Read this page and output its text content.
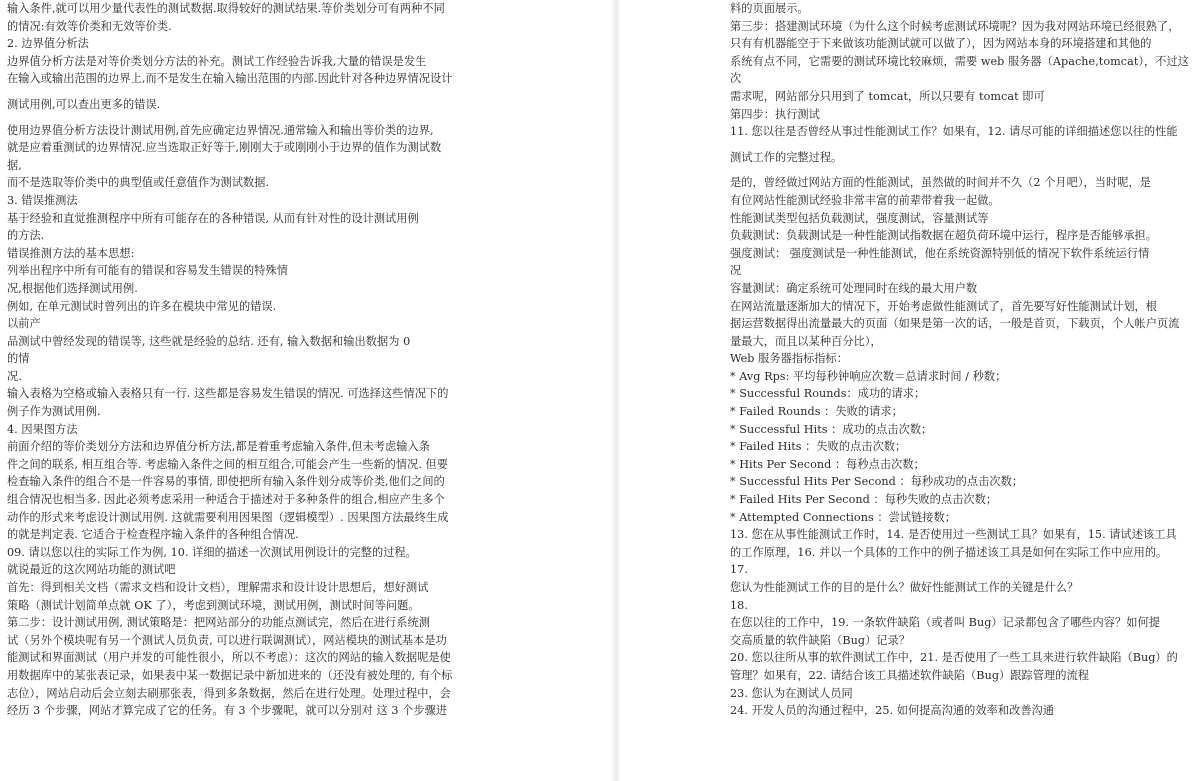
输入条件,就可以用少量代表性的测试数据.取得较好的测试结果.等价类划分可有两种不同
的情况:有效等价类和无效等价类.
2. 边界值分析法
边界值分析方法是对等价类划分方法的补充。测试工作经验告诉我,大量的错误是发生
在输入或输出范围的边界上,而不是发生在输入输出范围的内部.因此针对各种边界情况设计
测试用例,可以查出更多的错误.
使用边界值分析方法设计测试用例,首先应确定边界情况.通常输入和输出等价类的边界,
就是应着重测试的边界情况.应当选取正好等于,刚刚大于或刚刚小于边界的值作为测试数
据,
而不是选取等价类中的典型值或任意值作为测试数据.
3. 错误推测法
基于经验和直觉推测程序中所有可能存在的各种错误, 从而有针对性的设计测试用例
的方法.
错误推测方法的基本思想:
列举出程序中所有可能有的错误和容易发生错误的特殊情
况,根据他们选择测试用例.
例如, 在单元测试时曾列出的许多在模块中常见的错误.
以前产
品测试中曾经发现的错误等, 这些就是经验的总结. 还有, 输入数据和输出数据为 0
的情
况.
输入表格为空格或输入表格只有一行. 这些都是容易发生错误的情况. 可选择这些情况下的
例子作为测试用例.
4. 因果图方法
前面介绍的等价类划分方法和边界值分析方法,都是着重考虑输入条件,但未考虑输入条
件之间的联系, 相互组合等. 考虑输入条件之间的相互组合,可能会产生一些新的情况. 但要
检查输入条件的组合不是一件容易的事情, 即使把所有输入条件划分成等价类,他们之间的
组合情况也相当多. 因此必须考虑采用一种适合于描述对于多种条件的组合,相应产生多个
动作的形式来考虑设计测试用例. 这就需要利用因果图（逻辑模型）. 因果图方法最终生成
的就是判定表. 它适合于检查程序输入条件的各种组合情况.
09. 请以您以往的实际工作为例, 10. 详细的描述一次测试用例设计的完整的过程。
就说最近的这次网站功能的测试吧
首先：得到相关文档（需求文档和设计文档），理解需求和设计设计思想后，想好测试
策略（测试计划简单点就 OK 了），考虑到测试环境，测试用例，测试时间等问题。
第二步：设计测试用例, 测试策略是：把网站部分的功能点测试完，然后在进行系统测
试（另外个模块呢有另一个测试人员负责, 可以进行联调测试），网站模块的测试基本是功
能测试和界面测试（用户并发的可能性很小，所以不考虑）：这次的网站的输入数据呢是使
用数据库中的某张表记录，如果表中某一数据记录中新加进来的（还没有被处理的, 有个标
志位），网站启动后会立刻去刷那张表，得到多条数据，然后在进行处理。处理过程中，会
经历 3 个步骤，网站才算完成了它的任务。有 3 个步骤呢，就可以分别对 这 3 个步骤进
料的页面展示。
第三步：搭建测试环境（为什么这个时候考虑测试环境呢？因为我对网站环境已经很熟了，
只有有机器能空于下来做该功能测试就可以做了），因为网站本身的环境搭建和其他的
系统有点不同，它需要的测试环境比较麻烦，需要 web 服务器（Apache,tomcat），不过这
次
需求呢，网站部分只用到了 tomcat，所以只要有 tomcat 即可
第四步：执行测试
11. 您以往是否曾经从事过性能测试工作？如果有，12. 请尽可能的详细描述您以往的性能
测试工作的完整过程。
是的，曾经做过网站方面的性能测试，虽然做的时间并不久（2 个月吧），当时呢，是
有位网站性能测试经验非常丰富的前辈带着我一起做。
性能测试类型包括负载测试，强度测试，容量测试等
负载测试：负载测试是一种性能测试指数据在超负荷环境中运行，程序是否能够承担。
强度测试： 强度测试是一种性能测试，他在系统资源特别低的情况下软件系统运行情
况
容量测试：确定系统可处理同时在线的最大用户数
在网站流量逐渐加大的情况下，开始考虑做性能测试了，首先要写好性能测试计划，根
据运营数据得出流量最大的页面（如果是第一次的话，一般是首页，下载页，个人帐户页流
量最大，而且以某种百分比），
Web 服务器指标指标：
* Avg Rps: 平均每秒钟响应次数＝总请求时间 / 秒数；
* Successful Rounds：成功的请求；
* Failed Rounds ：失败的请求；
* Successful Hits ：成功的点击次数；
* Failed Hits ：失败的点击次数；
* Hits Per Second ：每秒点击次数；
* Successful Hits Per Second ：每秒成功的点击次数；
* Failed Hits Per Second ：每秒失败的点击次数；
* Attempted Connections ：尝试链接数；
13. 您在从事性能测试工作时，14. 是否使用过一些测试工具？如果有，15. 请试述该工具
的工作原理，16. 并以一个具体的工作中的例子描述该工具是如何在实际工作中应用的。
17.
您认为性能测试工作的目的是什么？做好性能测试工作的关键是什么？
18.
在您以往的工作中，19. 一条软件缺陷（或者叫 Bug）记录都包含了哪些内容？如何提
交高质量的软件缺陷（Bug）记录？
20. 您以往所从事的软件测试工作中，21. 是否使用了一些工具来进行软件缺陷（Bug）的
管理？如果有，22. 请结合该工具描述软件缺陷（Bug）跟踪管理的流程
23. 您认为在测试人员同
24. 开发人员的沟通过程中，25. 如何提高沟通的效率和改善沟通
